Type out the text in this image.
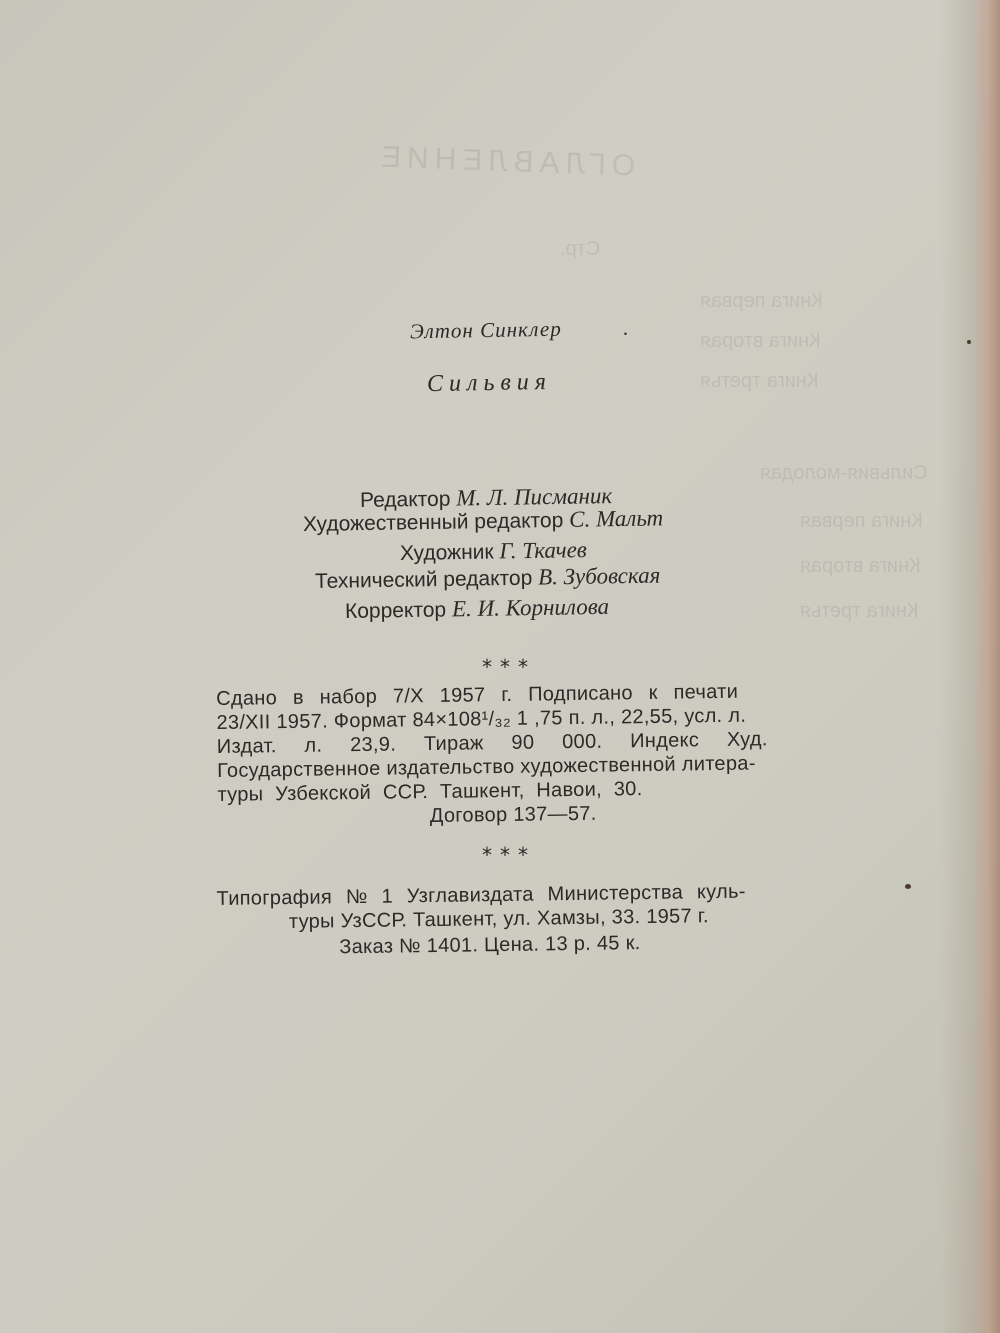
ОГЛАВЛЕНИЕ
Стр.
Книга первая
Книга вторая
Книга третья
Сильвия-молодая
Книга первая
Книга вторая
Книга третья
Элтон Синклер	·
Сильвия
Редактор М. Л. Писманик
Художественный редактор С. Мальт
Художник Г. Ткачев
Технический редактор В. Зубовская
Корректор Е. И. Корнилова
***
Сдано в набор 7/X 1957 г. Подписано к печати
23/XII 1957. Формат 84×108¹/₃₂ 1 ,75 п. л., 22,55, усл. л.
Издат. л. 23,9. Тираж 90 000. Индекс Худ.
Государственное издательство художественной литера-
туры Узбекской ССР. Ташкент, Навои, 30.
Договор 137—57.
***
Типография № 1 Узглавиздата Министерства куль-
туры УзССР. Ташкент, ул. Хамзы, 33. 1957 г.
Заказ № 1401. Цена. 13 р. 45 к.
